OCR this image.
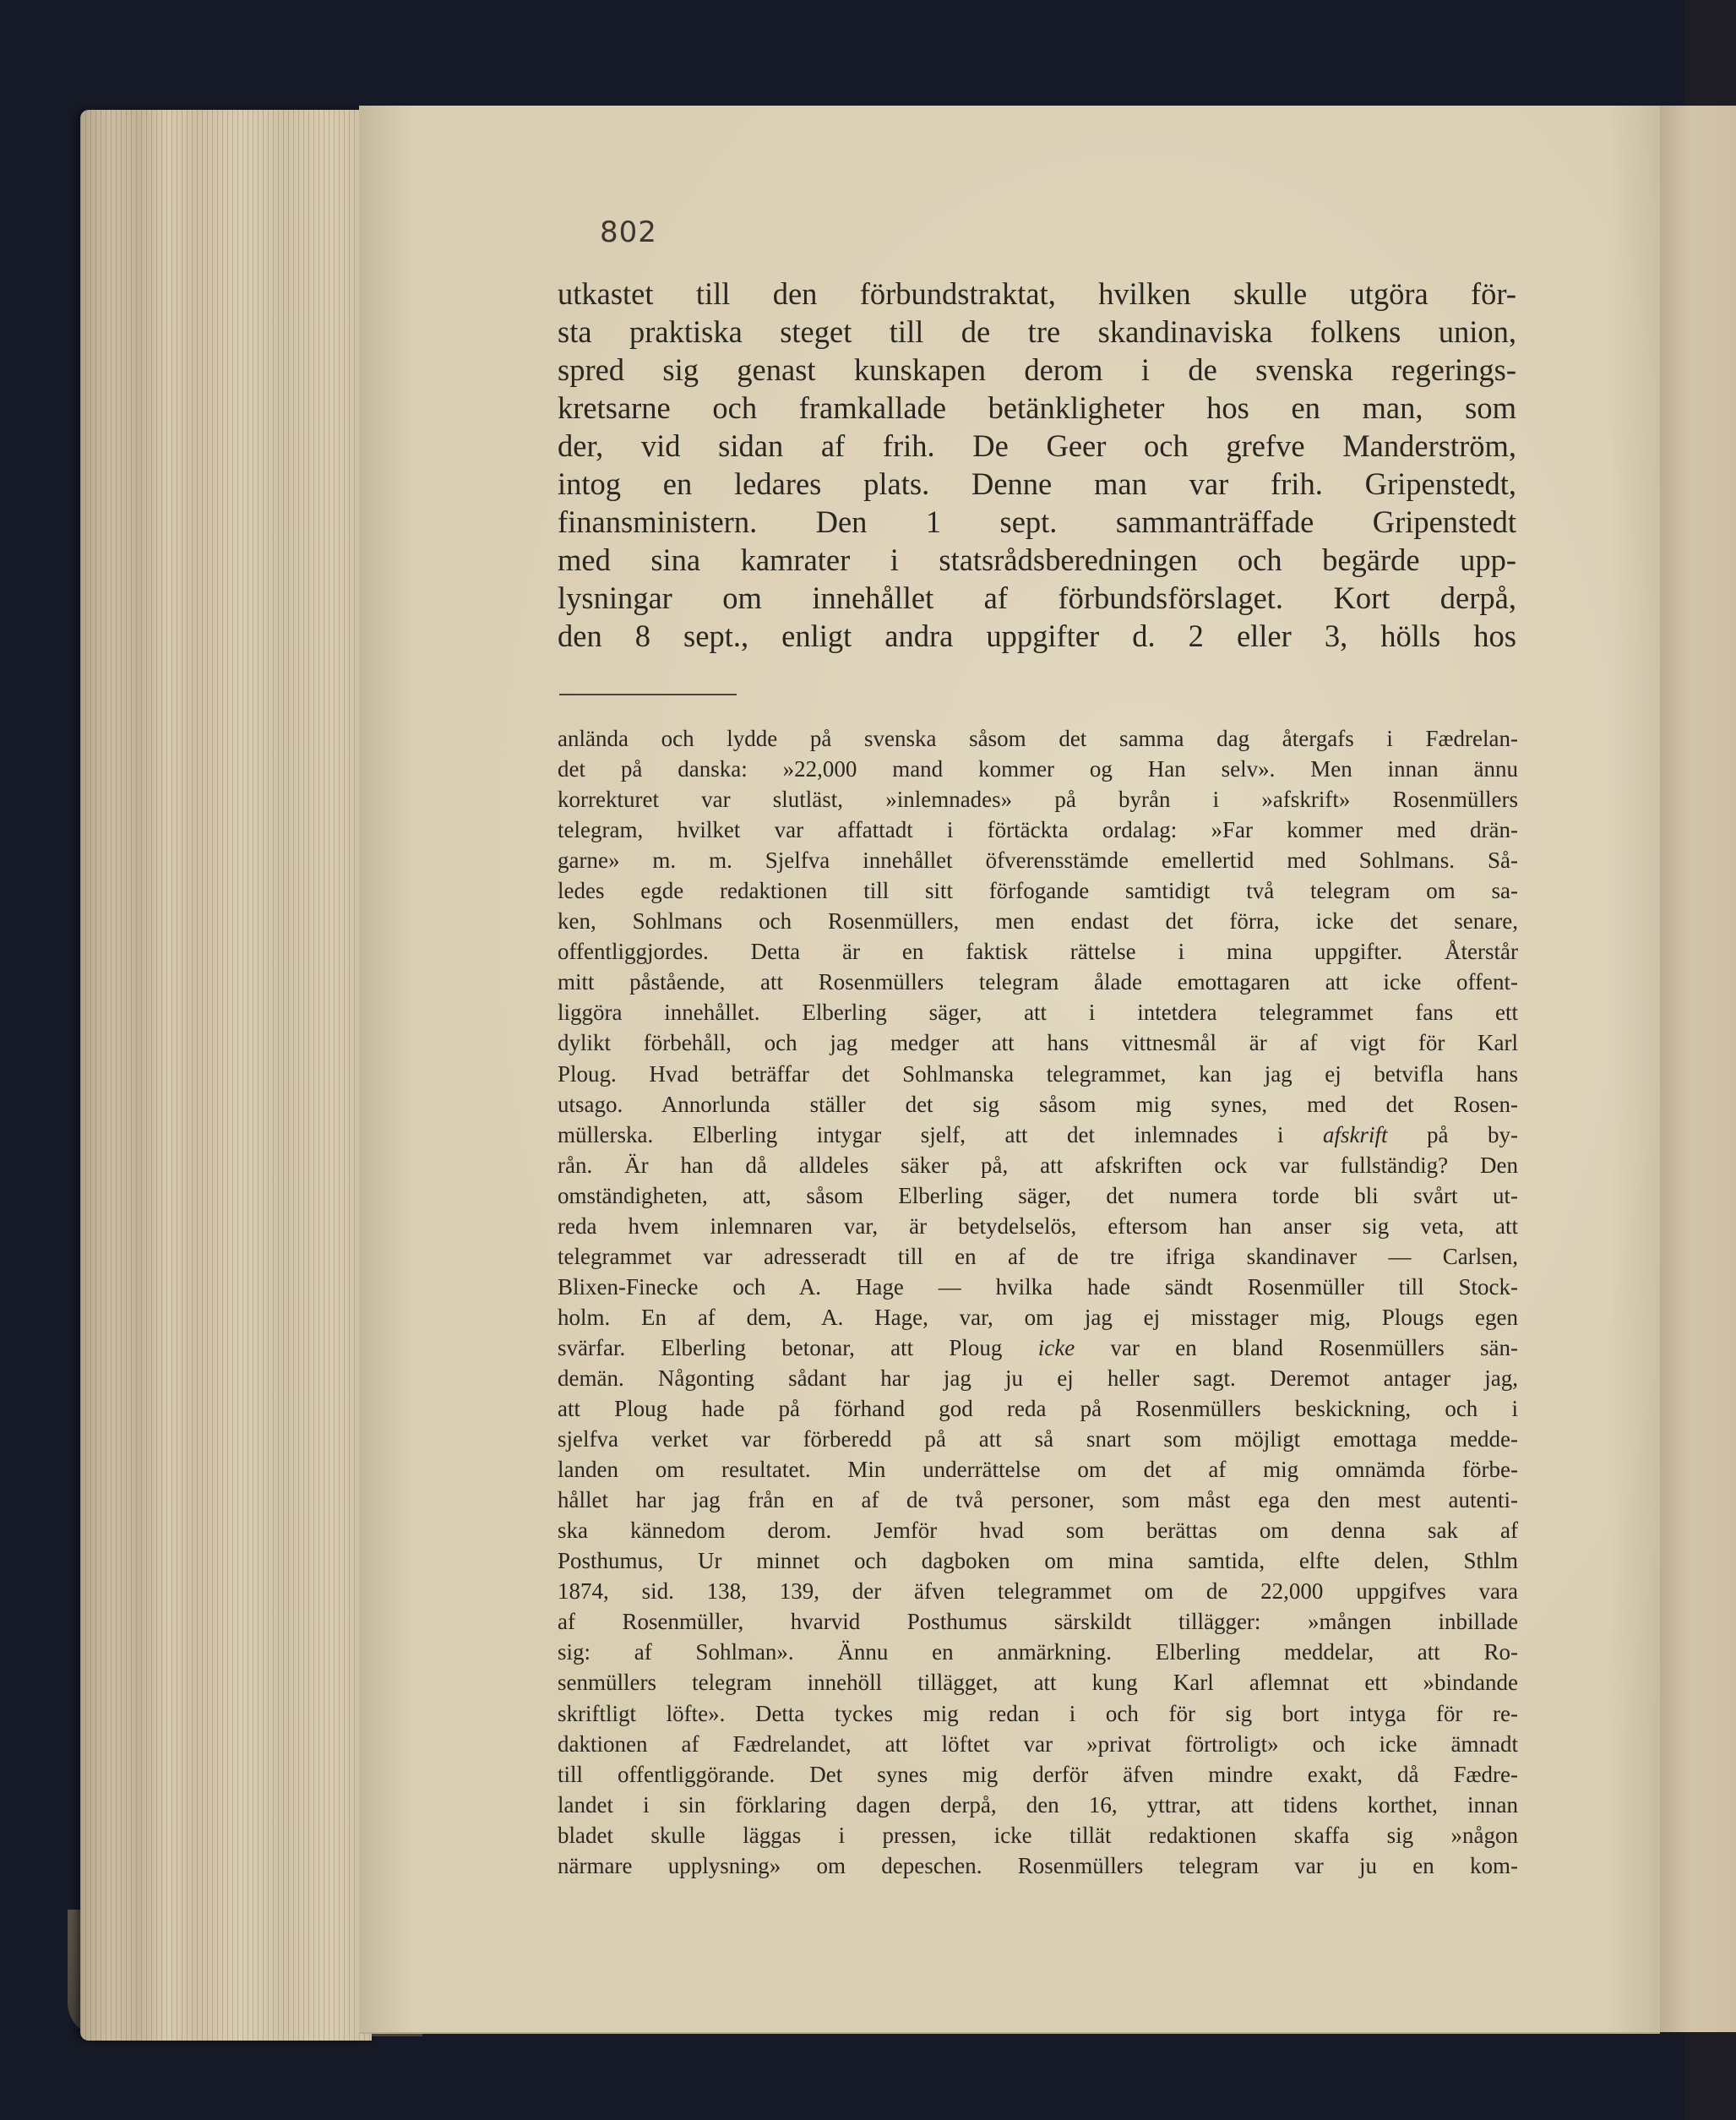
802

utkastet till den förbundstraktat, hvilken skulle utgöra för-
sta praktiska steget till de tre skandinaviska folkens union,
spred sig genast kunskapen derom i de svenska regerings-
kretsarne och framkallade betänkligheter hos en man, som
der, vid sidan af frih. De Geer och grefve Manderström,
intog en ledares plats. Denne man var frih. Gripenstedt,
finansministern. Den 1 sept. sammanträffade Gripenstedt
med sina kamrater i statsrådsberedningen och begärde upp-
lysningar om innehållet af förbundsförslaget. Kort derpå,
den 8 sept., enligt andra uppgifter d. 2 eller 3, hölls hos

anlända och lydde på svenska såsom det samma dag återgafs i Fædrelan-
det på danska: »22,000 mand kommer og Han selv». Men innan ännu
korrekturet var slutläst, »inlemnades» på byrån i »afskrift» Rosenmüllers
telegram, hvilket var affattadt i förtäckta ordalag: »Far kommer med drän-
garne» m. m. Sjelfva innehållet öfverensstämde emellertid med Sohlmans. Så-
ledes egde redaktionen till sitt förfogande samtidigt två telegram om sa-
ken, Sohlmans och Rosenmüllers, men endast det förra, icke det senare,
offentliggjordes. Detta är en faktisk rättelse i mina uppgifter. Återstår
mitt påstående, att Rosenmüllers telegram ålade emottagaren att icke offent-
liggöra innehållet. Elberling säger, att i intetdera telegrammet fans ett
dylikt förbehåll, och jag medger att hans vittnesmål är af vigt för Karl
Ploug. Hvad beträffar det Sohlmanska telegrammet, kan jag ej betvifla hans
utsago. Annorlunda ställer det sig såsom mig synes, med det Rosen-
müllerska. Elberling intygar sjelf, att det inlemnades i afskrift på by-
rån. Är han då alldeles säker på, att afskriften ock var fullständig? Den
omständigheten, att, såsom Elberling säger, det numera torde bli svårt ut-
reda hvem inlemnaren var, är betydelselös, eftersom han anser sig veta, att
telegrammet var adresseradt till en af de tre ifriga skandinaver — Carlsen,
Blixen-Finecke och A. Hage — hvilka hade sändt Rosenmüller till Stock-
holm. En af dem, A. Hage, var, om jag ej misstager mig, Plougs egen
svärfar. Elberling betonar, att Ploug icke var en bland Rosenmüllers sän-
demän. Någonting sådant har jag ju ej heller sagt. Deremot antager jag,
att Ploug hade på förhand god reda på Rosenmüllers beskickning, och i
sjelfva verket var förberedd på att så snart som möjligt emottaga medde-
landen om resultatet. Min underrättelse om det af mig omnämda förbe-
hållet har jag från en af de två personer, som måst ega den mest autenti-
ska kännedom derom. Jemför hvad som berättas om denna sak af
Posthumus, Ur minnet och dagboken om mina samtida, elfte delen, Sthlm
1874, sid. 138, 139, der äfven telegrammet om de 22,000 uppgifves vara
af Rosenmüller, hvarvid Posthumus särskildt tillägger: »mången inbillade
sig: af Sohlman». Ännu en anmärkning. Elberling meddelar, att Ro-
senmüllers telegram innehöll tillägget, att kung Karl aflemnat ett »bindande
skriftligt löfte». Detta tyckes mig redan i och för sig bort intyga för re-
daktionen af Fædrelandet, att löftet var »privat förtroligt» och icke ämnadt
till offentliggörande. Det synes mig derför äfven mindre exakt, då Fædre-
landet i sin förklaring dagen derpå, den 16, yttrar, att tidens korthet, innan
bladet skulle läggas i pressen, icke tillät redaktionen skaffa sig »någon
närmare upplysning» om depeschen. Rosenmüllers telegram var ju en kom-
